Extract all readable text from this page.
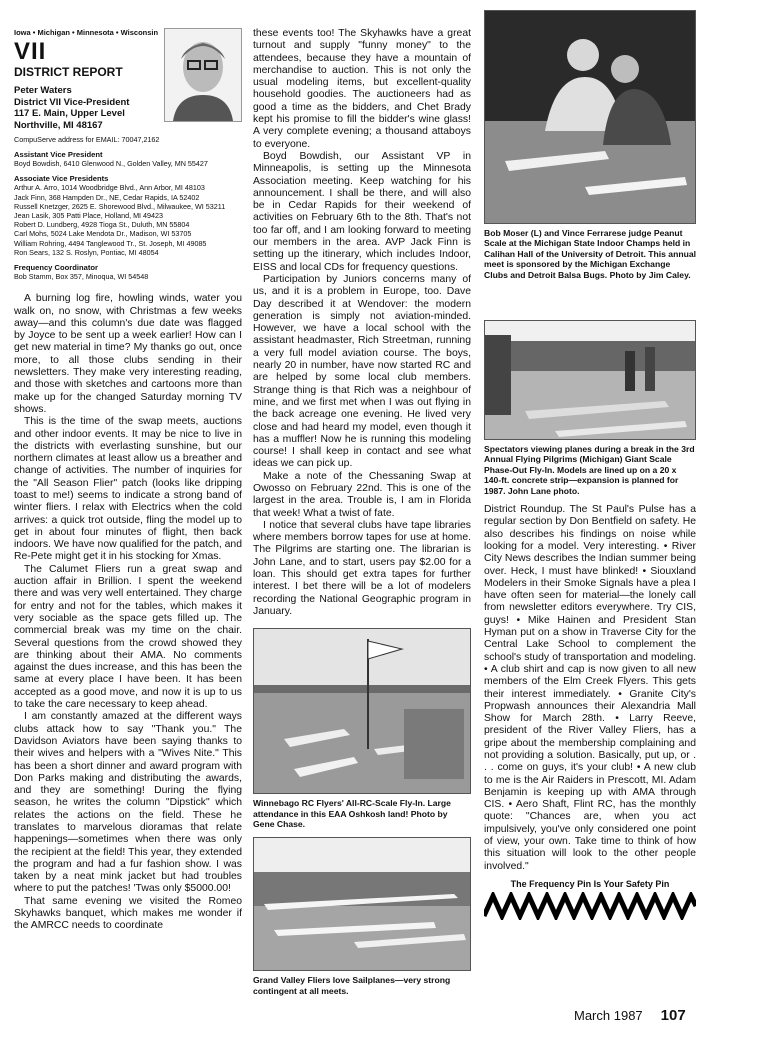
Iowa • Michigan • Minnesota • Wisconsin
VII
DISTRICT REPORT
Peter Waters
District VII Vice-President
117 E. Main, Upper Level
Northville, MI 48167
CompuServe address for EMAIL: 70047,2162
Assistant Vice President
Boyd Bowdish, 6410 Glenwood N., Golden Valley, MN 55427
Associate Vice Presidents
Arthur A. Arro, 1014 Woodbridge Blvd., Ann Arbor, MI 48103
Jack Finn, 368 Hampden Dr., NE, Cedar Rapids, IA 52402
Russell Knetzger, 2625 E. Shorewood Blvd., Milwaukee, WI 53211
Jean Lasik, 305 Patti Place, Holland, MI 49423
Robert D. Lundberg, 4928 Tioga St., Duluth, MN 55804
Carl Mohs, 5024 Lake Mendota Dr., Madison, WI 53705
William Rohring, 4494 Tanglewood Tr., St. Joseph, MI 49085
Ron Sears, 132 S. Roslyn, Pontiac, MI 48054
Frequency Coordinator
Bob Stamm, Box 357, Minoqua, WI 54548

A burning log fire, howling winds, water you walk on, no snow, with Christmas a few weeks away—and this column's due date was flagged by Joyce to be sent up a week earlier! How can I get new material in time? My thanks go out, once more, to all those clubs sending in their newsletters. They make very interesting reading, and those with sketches and cartoons more than make up for the changed Saturday morning TV shows.

This is the time of the swap meets, auctions and other indoor events. It may be nice to live in the districts with everlasting sunshine, but our northern climates at least allow us a breather and change of activities. The number of inquiries for the "All Season Flier" patch (looks like dripping toast to me!) seems to indicate a strong band of winter fliers. I relax with Electrics when the cold arrives: a quick trot outside, fling the model up to get in about four minutes of flight, then back indoors. We have now qualified for the patch, and Re-Pete might get it in his stocking for Xmas.

The Calumet Fliers run a great swap and auction affair in Brillion. I spent the weekend there and was very well entertained. They charge for entry and not for the tables, which makes it very sociable as the space gets filled up. The commercial break was my time on the chair. Several questions from the crowd showed they are thinking about their AMA. No comments against the dues increase, and this has been the same at every place I have been. It has been accepted as a good move, and now it is up to us to take the care necessary to keep ahead.

I am constantly amazed at the different ways clubs attack how to say "Thank you." The Davidson Aviators have been saying thanks to their wives and helpers with a "Wives Nite." This has been a short dinner and award program with Don Parks making and distributing the awards, and they are something! During the flying season, he writes the column "Dipstick" which relates the actions on the field. These he translates to marvelous dioramas that relate happenings—sometimes when there was only the recipient at the field! This year, they extended the program and had a fur fashion show. I was taken by a neat mink jacket but had troubles where to put the patches! 'Twas only $5000.00!

That same evening we visited the Romeo Skyhawks banquet, which makes me wonder if the AMRCC needs to coordinate

these events too! The Skyhawks have a great turnout and supply "funny money" to the attendees, because they have a mountain of merchandise to auction. This is not only the usual modeling items, but excellent-quality household goodies. The auctioneers had as good a time as the bidders, and Chet Brady kept his promise to fill the bidder's wine glass! A very complete evening; a thousand attaboys to everyone.

Boyd Bowdish, our Assistant VP in Minneapolis, is setting up the Minnesota Association meeting. Keep watching for his announcement. I shall be there, and will also be in Cedar Rapids for their weekend of activities on February 6th to the 8th. That's not too far off, and I am looking forward to meeting our members in the area. AVP Jack Finn is setting up the itinerary, which includes Indoor, EISS and local CDs for frequency questions.

Participation by Juniors concerns many of us, and it is a problem in Europe, too. Dave Day described it at Wendover: the modern generation is simply not aviation-minded. However, we have a local school with the assistant headmaster, Rich Streetman, running a very full model aviation course. The boys, nearly 20 in number, have now started RC and are helped by some local club members. Strange thing is that Rich was a neighbour of mine, and we first met when I was out flying in the back acreage one evening. He lived very close and had heard my model, even though it has a muffler! Now he is running this modeling course! I shall keep in contact and see what ideas we can pick up.

Make a note of the Chessaning Swap at Owosso on February 22nd. This is one of the largest in the area. Trouble is, I am in Florida that week! What a twist of fate.

I notice that several clubs have tape libraries where members borrow tapes for use at home. The Pilgrims are starting one. The librarian is John Lane, and to start, users pay $2.00 for a loan. This should get extra tapes for further interest. I bet there will be a lot of modelers recording the National Geographic program in January.

Winnebago RC Flyers' All-RC-Scale Fly-In. Large attendance in this EAA Oshkosh land! Photo by Gene Chase.
Grand Valley Fliers love Sailplanes—very strong contingent at all meets.
Bob Moser (L) and Vince Ferrarese judge Peanut Scale at the Michigan State Indoor Champs held in Calihan Hall of the University of Detroit. This annual meet is sponsored by the Michigan Exchange Clubs and Detroit Balsa Bugs. Photo by Jim Caley.
Spectators viewing planes during a break in the 3rd Annual Flying Pilgrims (Michigan) Giant Scale Phase-Out Fly-In. Models are lined up on a 20 x 140-ft. concrete strip—expansion is planned for 1987. John Lane photo.

District Roundup. The St Paul's Pulse has a regular section by Don Bentfield on safety. He also describes his findings on noise while looking for a model. Very interesting. • River City News describes the Indian summer being over. Heck, I must have blinked! • Siouxland Modelers in their Smoke Signals have a plea I have often seen for material—the lonely call from newsletter editors everywhere. Try CIS, guys! • Mike Hainen and President Stan Hyman put on a show in Traverse City for the Central Lake School to complement the school's study of transportation and modeling. • A club shirt and cap is now given to all new members of the Elm Creek Flyers. This gets their interest immediately. • Granite City's Propwash announces their Alexandria Mall Show for March 28th. • Larry Reeve, president of the River Valley Fliers, has a gripe about the membership complaining and not providing a solution. Basically, put up, or . . . come on guys, it's your club! • A new club to me is the Air Raiders in Prescott, MI. Adam Benjamin is keeping up with AMA through CIS. • Aero Shaft, Flint RC, has the monthly quote: "Chances are, when you act impulsively, you've only considered one point of view, your own. Take time to think of how this situation will look to the other people involved."

The Frequency Pin Is Your Safety Pin
March 1987 107
